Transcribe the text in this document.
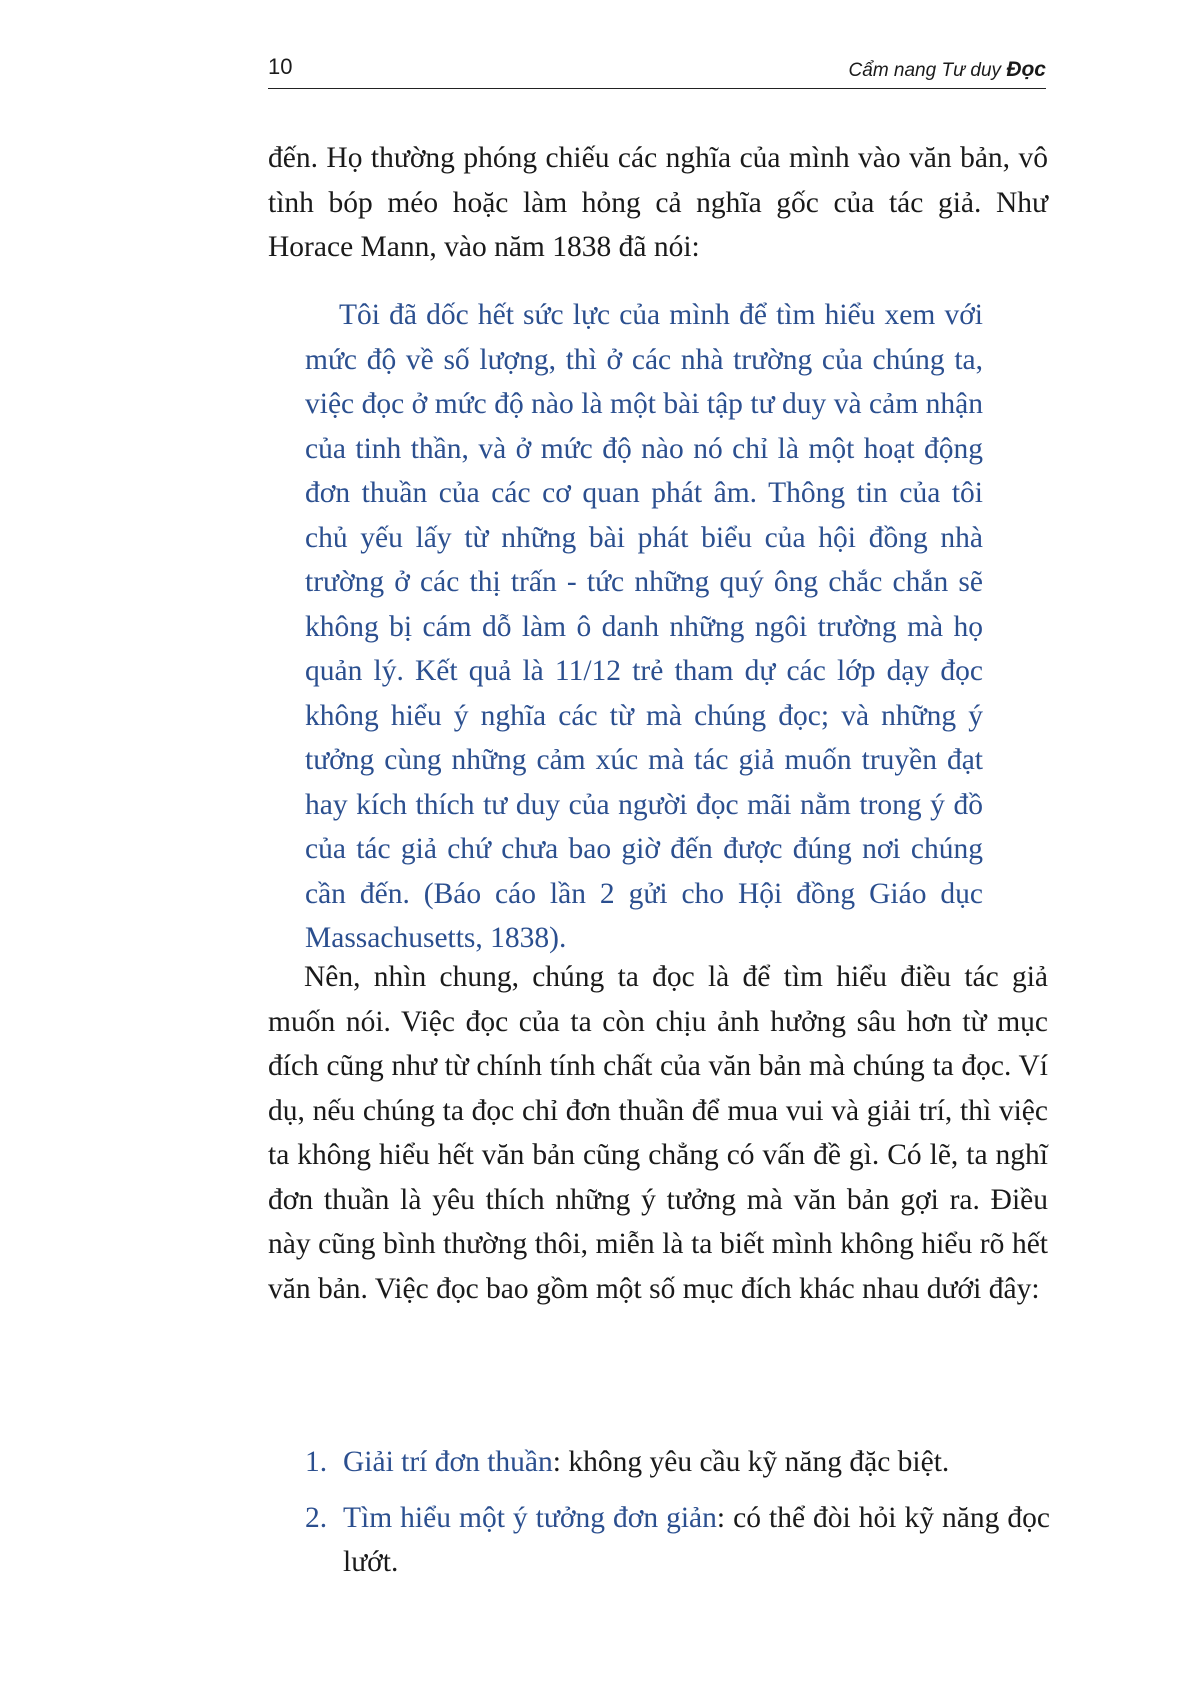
10	Cẩm nang Tư duy Đọc

đến. Họ thường phóng chiếu các nghĩa của mình vào văn bản, vô tình bóp méo hoặc làm hỏng cả nghĩa gốc của tác giả. Như Horace Mann, vào năm 1838 đã nói:

Tôi đã dốc hết sức lực của mình để tìm hiểu xem với mức độ về số lượng, thì ở các nhà trường của chúng ta, việc đọc ở mức độ nào là một bài tập tư duy và cảm nhận của tinh thần, và ở mức độ nào nó chỉ là một hoạt động đơn thuần của các cơ quan phát âm. Thông tin của tôi chủ yếu lấy từ những bài phát biểu của hội đồng nhà trường ở các thị trấn - tức những quý ông chắc chắn sẽ không bị cám dỗ làm ô danh những ngôi trường mà họ quản lý. Kết quả là 11/12 trẻ tham dự các lớp dạy đọc không hiểu ý nghĩa các từ mà chúng đọc; và những ý tưởng cùng những cảm xúc mà tác giả muốn truyền đạt hay kích thích tư duy của người đọc mãi nằm trong ý đồ của tác giả chứ chưa bao giờ đến được đúng nơi chúng cần đến. (Báo cáo lần 2 gửi cho Hội đồng Giáo dục Massachusetts, 1838).

Nên, nhìn chung, chúng ta đọc là để tìm hiểu điều tác giả muốn nói. Việc đọc của ta còn chịu ảnh hưởng sâu hơn từ mục đích cũng như từ chính tính chất của văn bản mà chúng ta đọc. Ví dụ, nếu chúng ta đọc chỉ đơn thuần để mua vui và giải trí, thì việc ta không hiểu hết văn bản cũng chẳng có vấn đề gì. Có lẽ, ta nghĩ đơn thuần là yêu thích những ý tưởng mà văn bản gợi ra. Điều này cũng bình thường thôi, miễn là ta biết mình không hiểu rõ hết văn bản. Việc đọc bao gồm một số mục đích khác nhau dưới đây:

1. Giải trí đơn thuần: không yêu cầu kỹ năng đặc biệt.
2. Tìm hiểu một ý tưởng đơn giản: có thể đòi hỏi kỹ năng đọc lướt.
